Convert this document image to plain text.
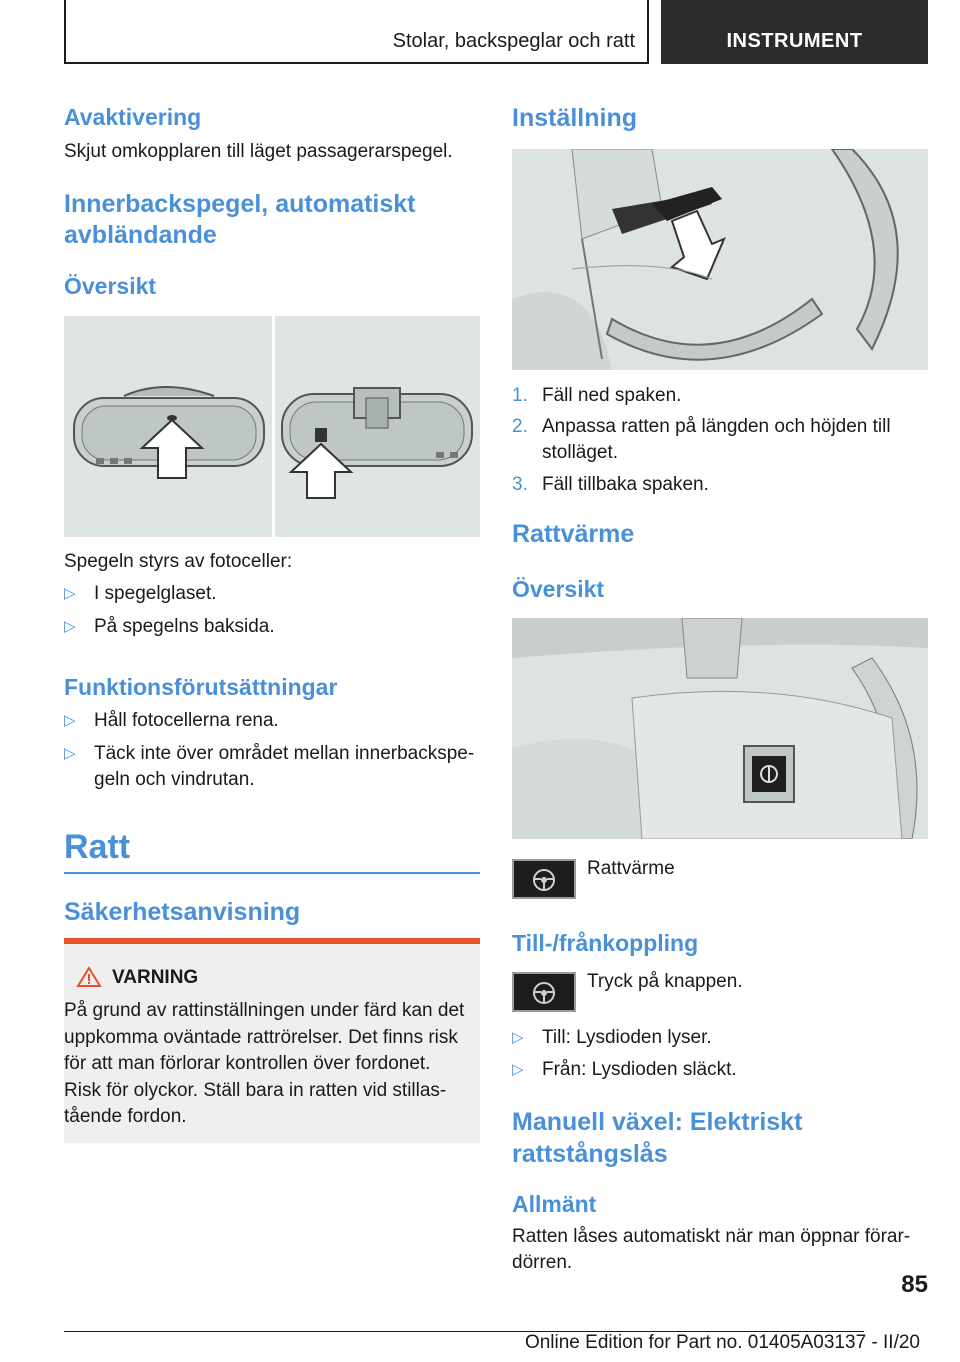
Stolar, backspeglar och ratt	INSTRUMENT
Avaktivering
Skjut omkopplaren till läget passagerarspegel.
Innerbackspegel, automatiskt
avbländande
Översikt
Spegeln styrs av fotoceller:
▷ I spegelglaset.
▷ På spegelns baksida.
Funktionsförutsättningar
▷ Håll fotocellerna rena.
▷ Täck inte över området mellan innerbackspe-
geln och vindrutan.
Ratt
Säkerhetsanvisning
VARNING
På grund av rattinställningen under färd kan det
uppkomma oväntade rattrörelser. Det finns risk
för att man förlorar kontrollen över fordonet.
Risk för olyckor. Ställ bara in ratten vid stillas-
tående fordon.
Inställning
1. Fäll ned spaken.
2. Anpassa ratten på längden och höjden till
stolläget.
3. Fäll tillbaka spaken.
Rattvärme
Översikt
Rattvärme
Till-/frånkoppling
Tryck på knappen.
▷ Till: Lysdioden lyser.
▷ Från: Lysdioden släckt.
Manuell växel: Elektriskt
rattstångslås
Allmänt
Ratten låses automatiskt när man öppnar förar-
dörren.
85
Online Edition for Part no. 01405A03137 - II/20
